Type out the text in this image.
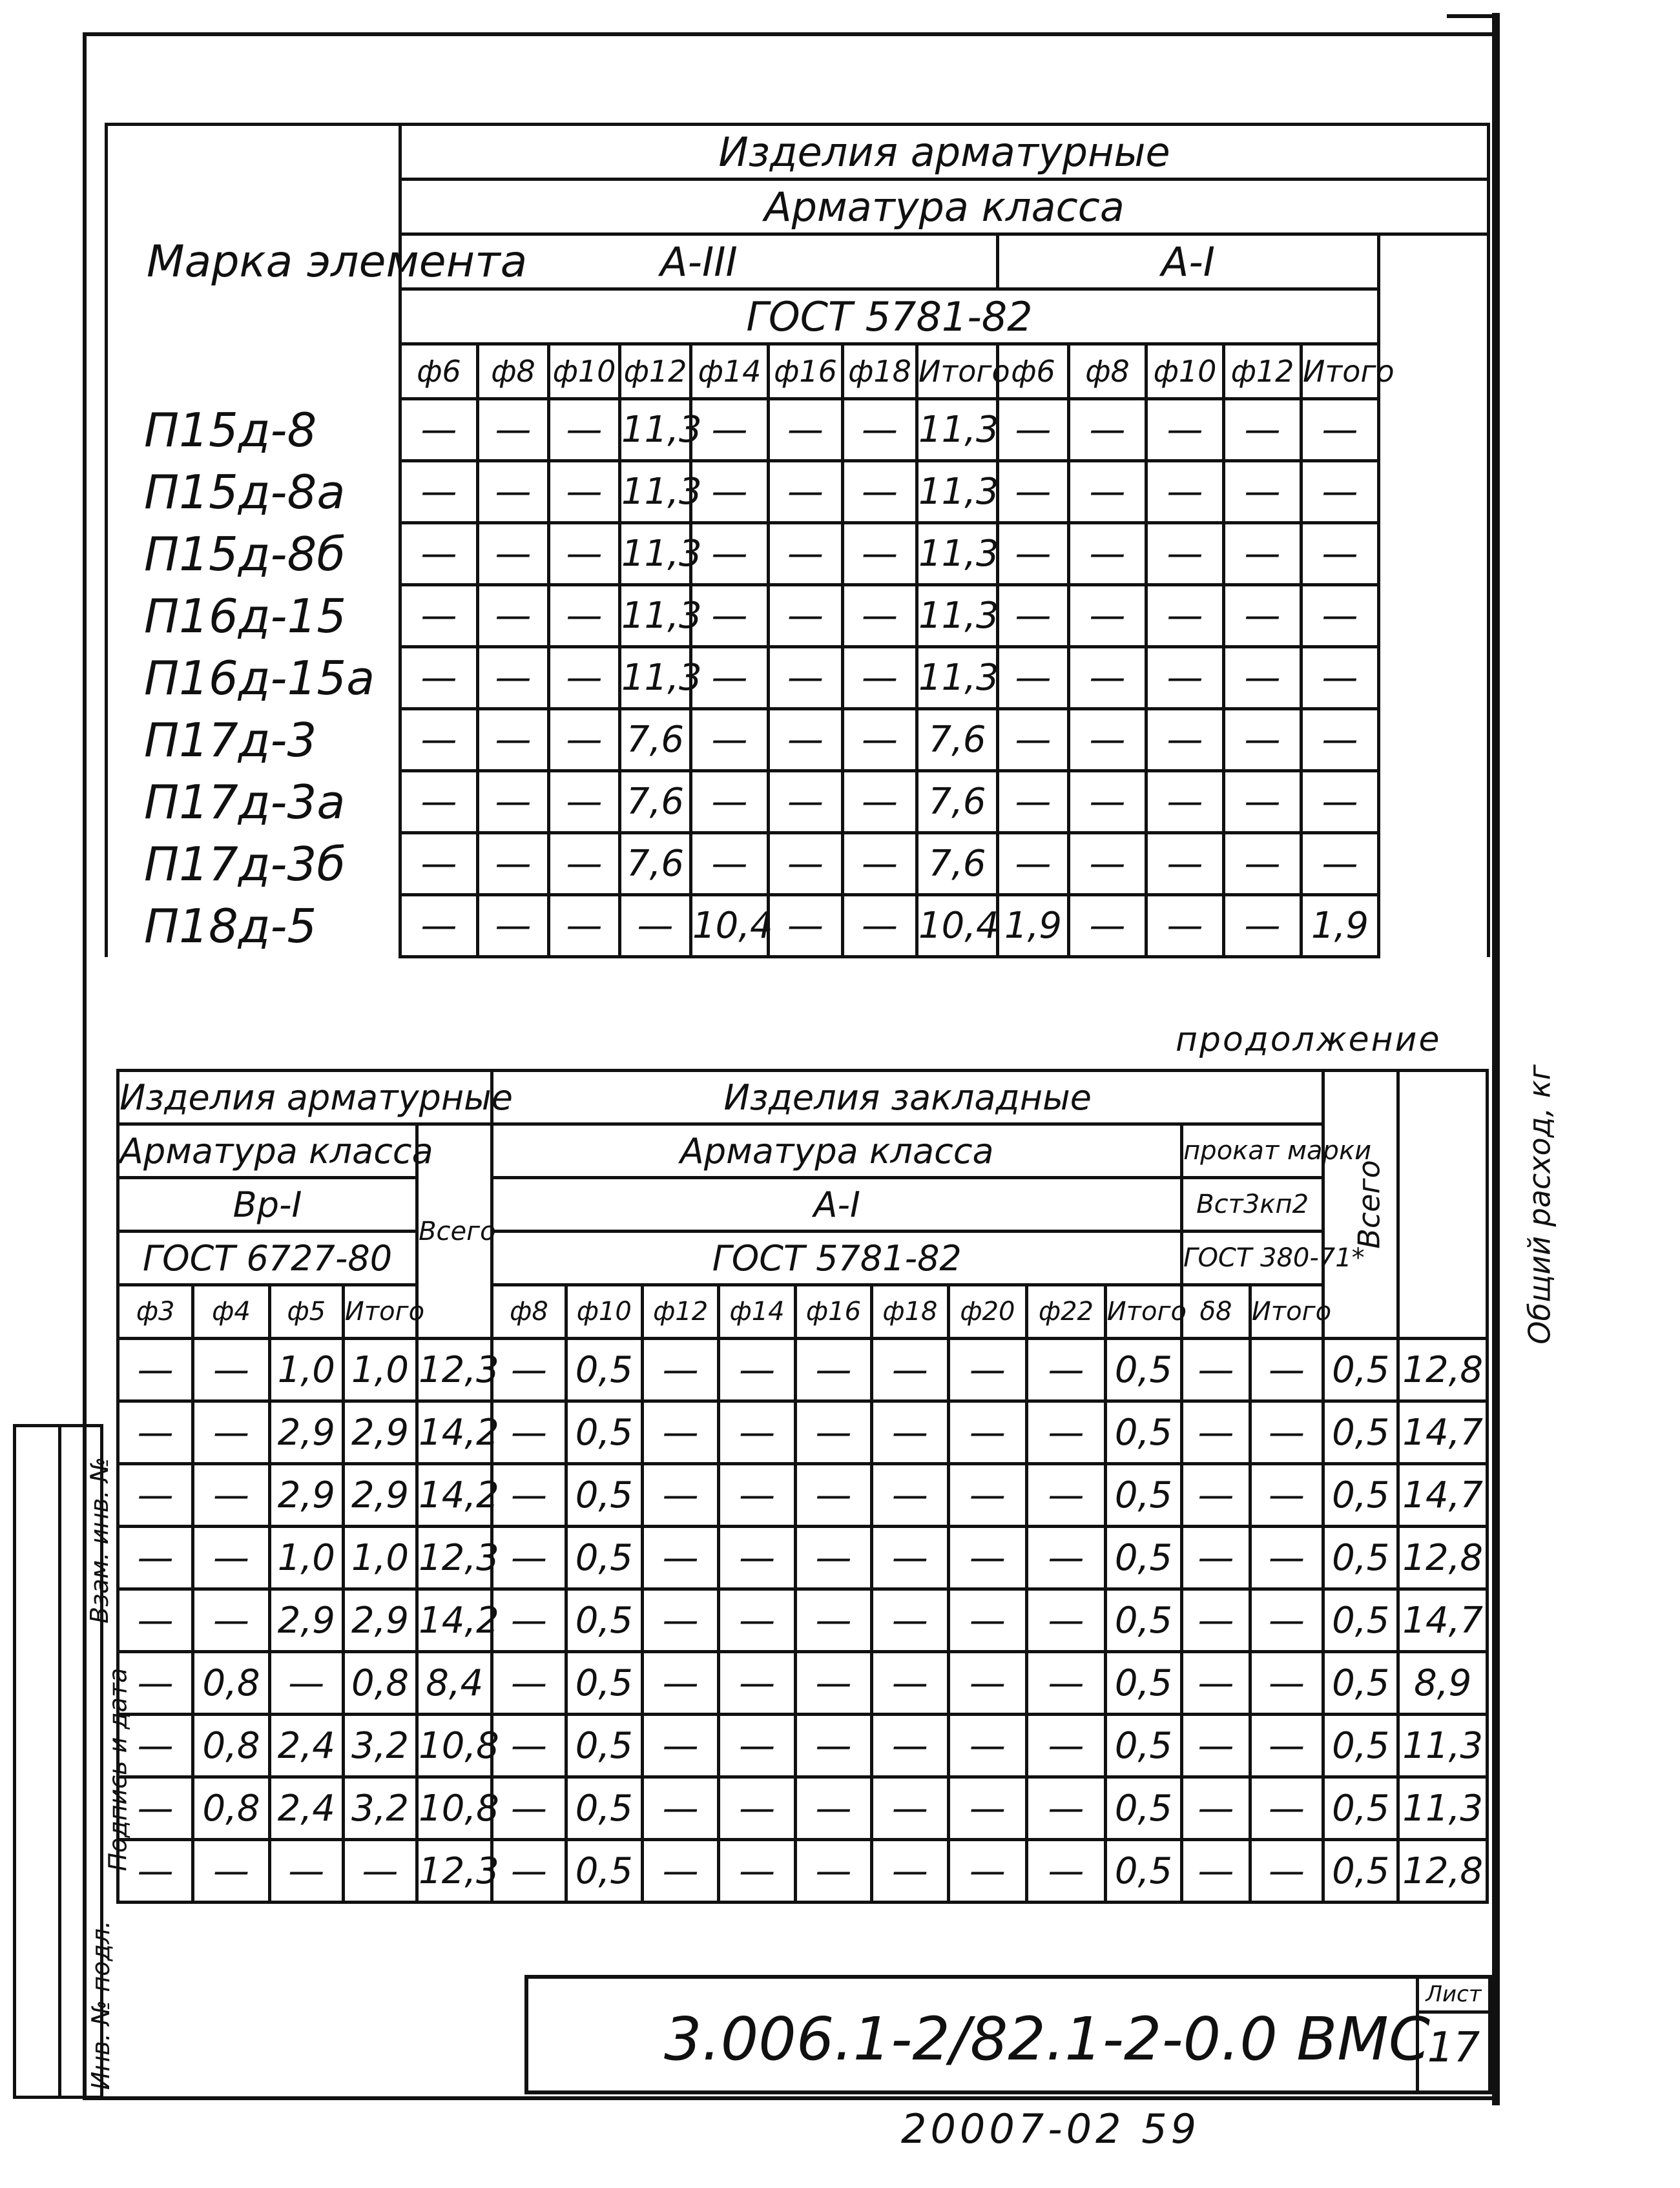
Марка элемента	Изделия арматурные													
	Арматура класса													
	А-III								А-I					
	ГОСТ 5781-82													
	ф6	ф8	ф10	ф12	ф14	ф16	ф18	Итого	ф6	ф8	ф10	ф12	Итого	
П15д-8	—	—	—	11,3	—	—	—	11,3	—	—	—	—	—	
П15д-8а	—	—	—	11,3	—	—	—	11,3	—	—	—	—	—	
П15д-8б	—	—	—	11,3	—	—	—	11,3	—	—	—	—	—	
П16д-15	—	—	—	11,3	—	—	—	11,3	—	—	—	—	—	
П16д-15а	—	—	—	11,3	—	—	—	11,3	—	—	—	—	—	
П17д-3	—	—	—	7,6	—	—	—	7,6	—	—	—	—	—	
П17д-3а	—	—	—	7,6	—	—	—	7,6	—	—	—	—	—	
П17д-3б	—	—	—	7,6	—	—	—	7,6	—	—	—	—	—	
П18д-5	—	—	—	—	10,4	—	—	10,4	1,9	—	—	—	1,9	
продолжение
Изделия арматурные					Изделия закладные											Всего	Общий расход, кг
Арматура класса				Всего	Арматура класса									прокат марки			
Вр-I					А-I									Вст3кп2			
ГОСТ 6727-80					ГОСТ 5781-82									ГОСТ 380-71*			
ф3	ф4	ф5	Итого		ф8	ф10	ф12	ф14	ф16	ф18	ф20	ф22	Итого	δ8	Итого		
—	—	1,0	1,0	12,3	—	0,5	—	—	—	—	—	—	0,5	—	—	0,5	12,8
—	—	2,9	2,9	14,2	—	0,5	—	—	—	—	—	—	0,5	—	—	0,5	14,7
—	—	2,9	2,9	14,2	—	0,5	—	—	—	—	—	—	0,5	—	—	0,5	14,7
—	—	1,0	1,0	12,3	—	0,5	—	—	—	—	—	—	0,5	—	—	0,5	12,8
—	—	2,9	2,9	14,2	—	0,5	—	—	—	—	—	—	0,5	—	—	0,5	14,7
—	0,8	—	0,8	8,4	—	0,5	—	—	—	—	—	—	0,5	—	—	0,5	8,9
—	0,8	2,4	3,2	10,8	—	0,5	—	—	—	—	—	—	0,5	—	—	0,5	11,3
—	0,8	2,4	3,2	10,8	—	0,5	—	—	—	—	—	—	0,5	—	—	0,5	11,3
—	—	—	—	12,3	—	0,5	—	—	—	—	—	—	0,5	—	—	0,5	12,8
Взам. инв. №
Подпись и дата
Инв. № подл.	3.006.1-2/82.1-2-0.0 ВМС
Лист
17
20007-02 59
